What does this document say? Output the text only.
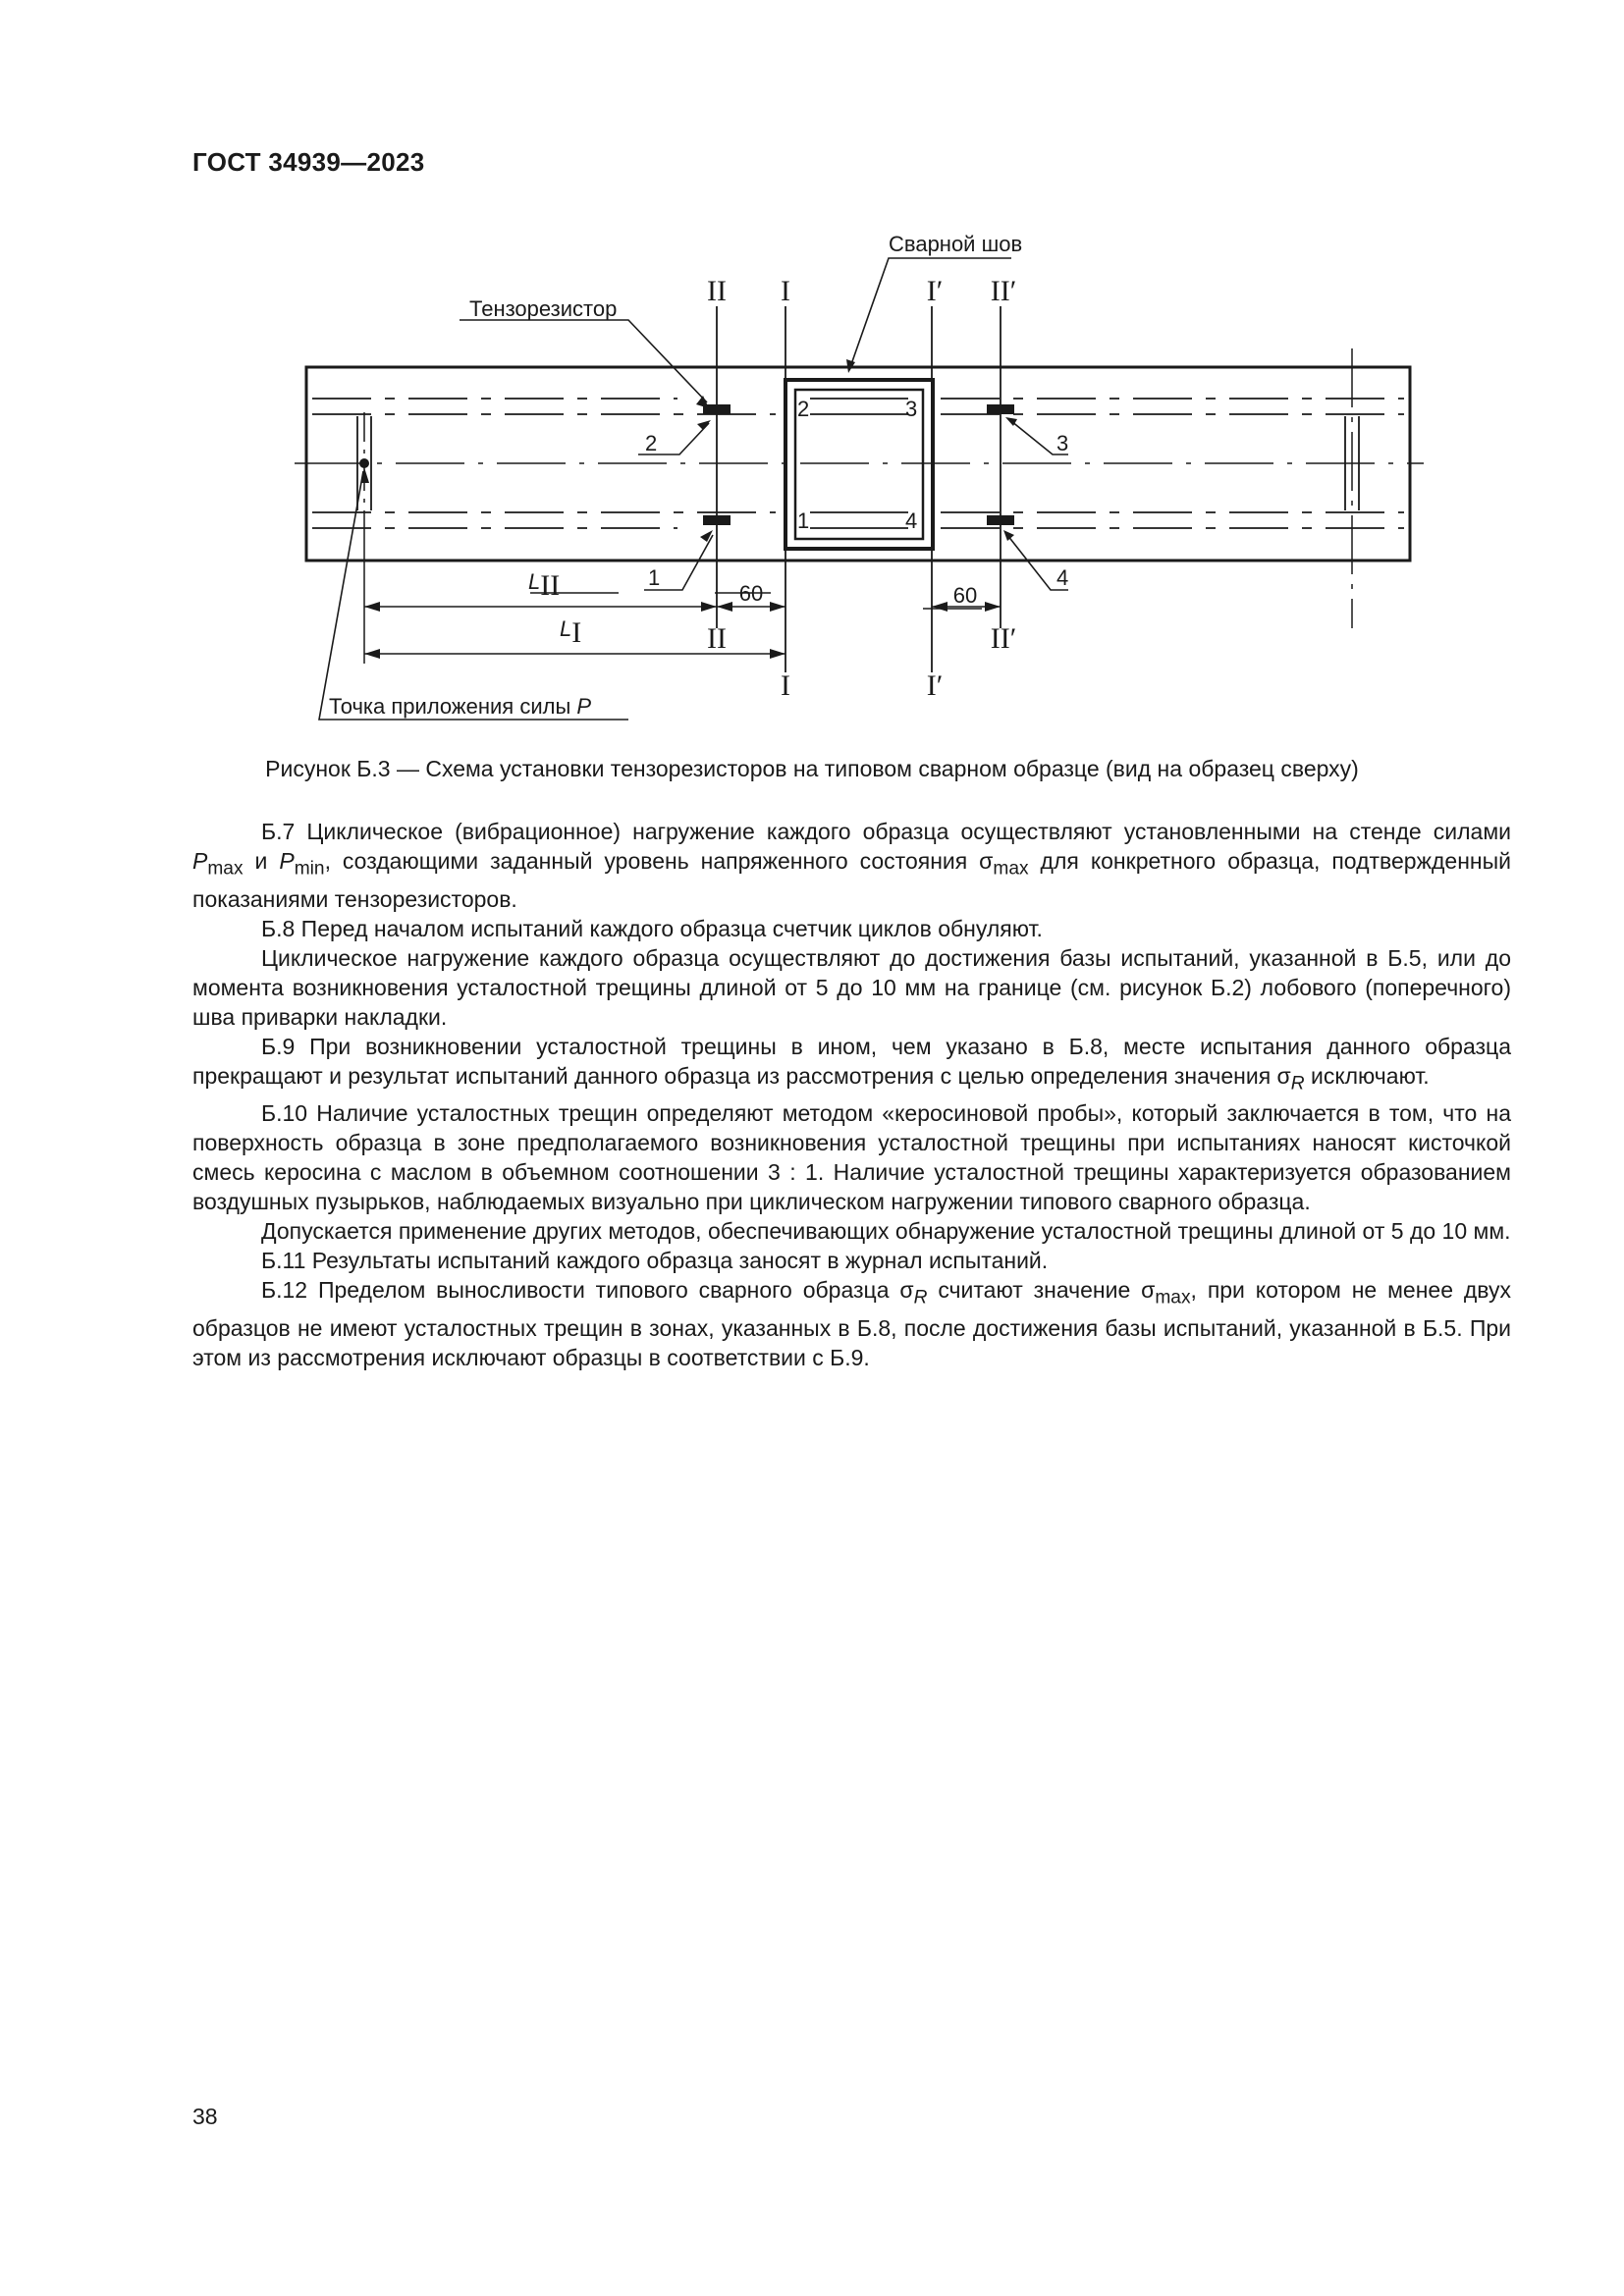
ГОСТ 34939—2023
Сварной шов
Тензорезистор
II I	I′ II′
II	II′
I	I′
2
1
3
4
2	3
1	4
60	60
LII
LI
Точка приложения силы P
Рисунок Б.3 — Схема установки тензорезисторов на типовом сварном образце (вид на образец сверху)

Б.7 Циклическое (вибрационное) нагружение каждого образца осуществляют установленными на стенде силами $P_{max}$ и $P_{min}$, создающими заданный уровень напряженного состояния $\sigma_{max}$ для конкретного образца, подтвержденный показаниями тензорезисторов.

Б.8 Перед началом испытаний каждого образца счетчик циклов обнуляют.

Циклическое нагружение каждого образца осуществляют до достижения базы испытаний, указанной в Б.5, или до момента возникновения усталостной трещины длиной от 5 до 10 мм на границе (см. рисунок Б.2) лобового (поперечного) шва приварки накладки.

Б.9 При возникновении усталостной трещины в ином, чем указано в Б.8, месте испытания данного образца прекращают и результат испытаний данного образца из рассмотрения с целью определения значения $\sigma_R$ исключают.

Б.10 Наличие усталостных трещин определяют методом «керосиновой пробы», который заключается в том, что на поверхность образца в зоне предполагаемого возникновения усталостной трещины при испытаниях наносят кисточкой смесь керосина с маслом в объемном соотношении 3 : 1. Наличие усталостной трещины характеризуется образованием воздушных пузырьков, наблюдаемых визуально при циклическом нагружении типового сварного образца.

Допускается применение других методов, обеспечивающих обнаружение усталостной трещины длиной от 5 до 10 мм.

Б.11 Результаты испытаний каждого образца заносят в журнал испытаний.

Б.12 Пределом выносливости типового сварного образца $\sigma_R$ считают значение $\sigma_{max}$, при котором не менее двух образцов не имеют усталостных трещин в зонах, указанных в Б.8, после достижения базы испытаний, указанной в Б.5. При этом из рассмотрения исключают образцы в соответствии с Б.9.

38
